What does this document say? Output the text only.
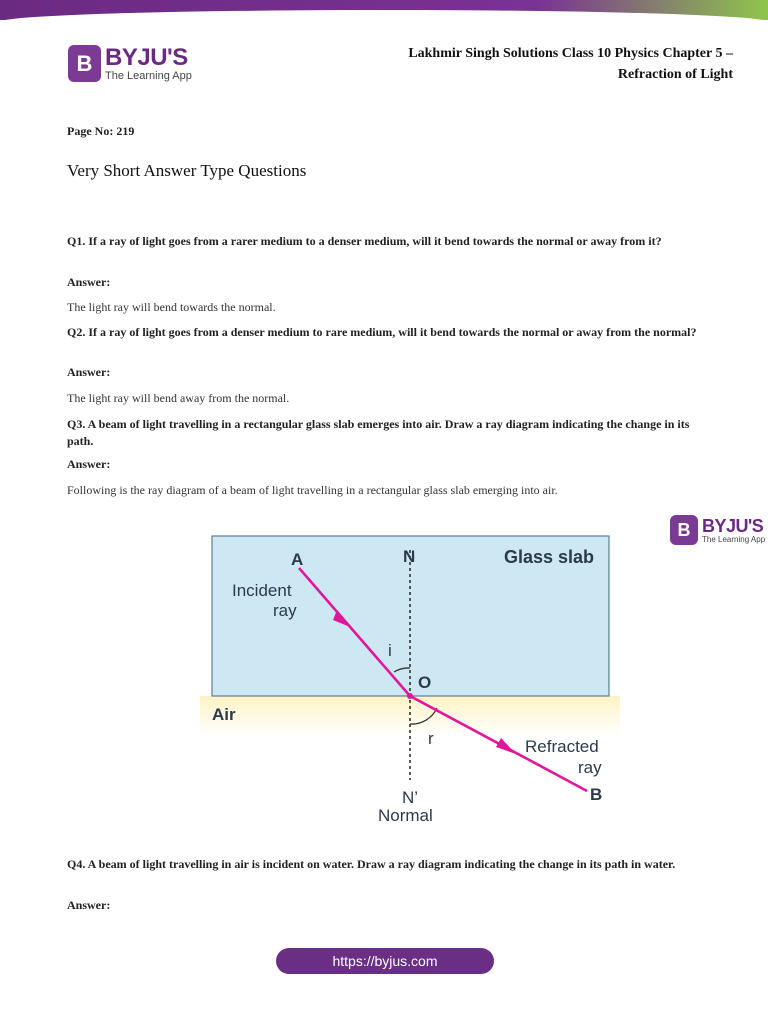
B BYJU'S
The Learning App
Lakhmir Singh Solutions Class 10 Physics Chapter 5 – Refraction of Light
Page No: 219
Very Short Answer Type Questions
Q1. If a ray of light goes from a rarer medium to a denser medium, will it bend towards the normal or away from it?
Answer:
The light ray will bend towards the normal.
Q2. If a ray of light goes from a denser medium to rare medium, will it bend towards the normal or away from the normal?
Answer:
The light ray will bend away from the normal.
Q3. A beam of light travelling in a rectangular glass slab emerges into air. Draw a ray diagram indicating the change in its path.
Answer:
Following is the ray diagram of a beam of light travelling in a rectangular glass slab emerging into air.
B BYJU'S
The Learning App
A	N	Glass slab
Incident
ray
i
O
Air
r	Refracted
ray
B
N’
Normal
Q4. A beam of light travelling in air is incident on water. Draw a ray diagram indicating the change in its path in water.
Answer:
https://byjus.com
